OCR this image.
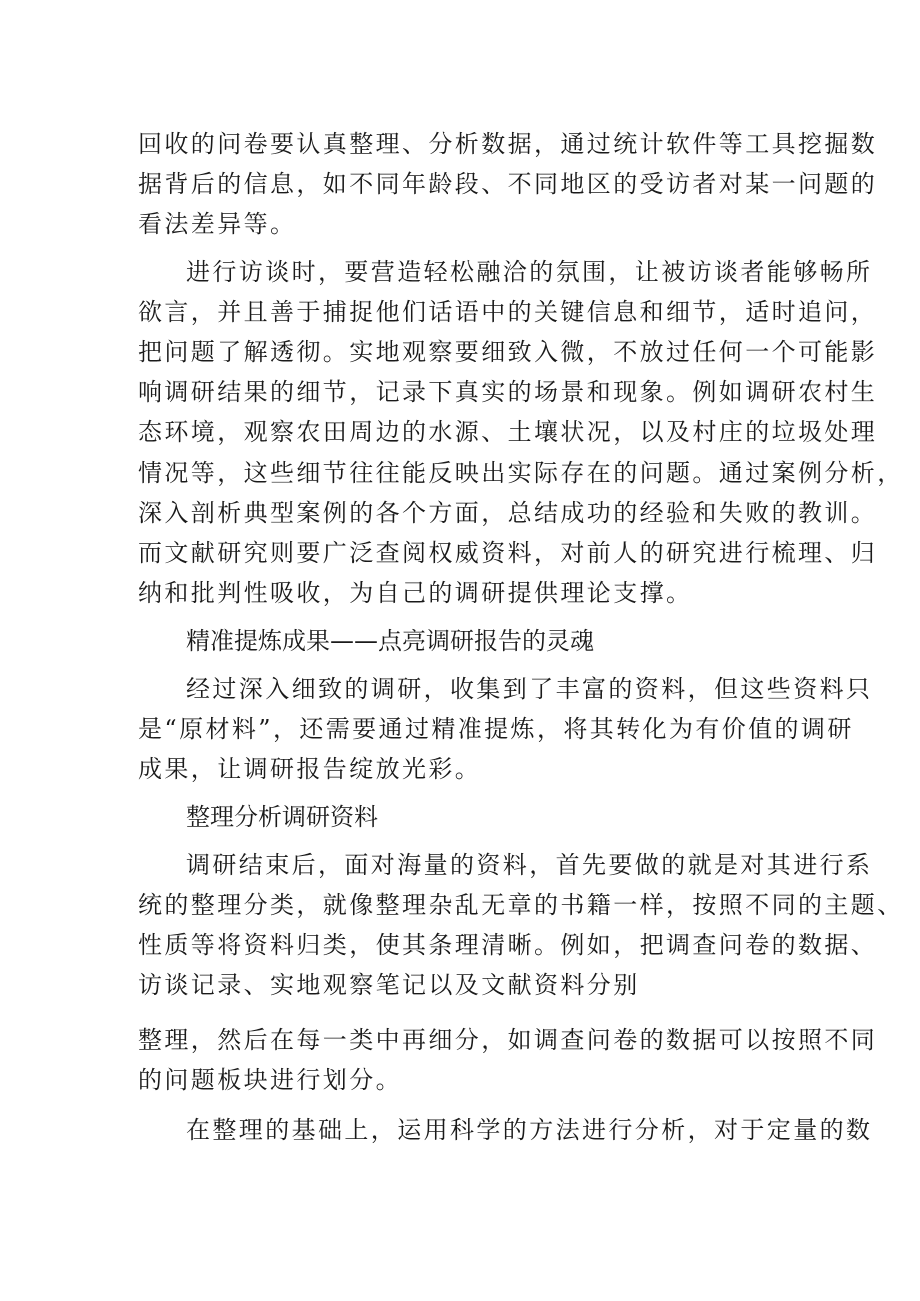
回收的问卷要认真整理、分析数据，通过统计软件等工具挖掘数
据背后的信息，如不同年龄段、不同地区的受访者对某一问题的
看法差异等。
进行访谈时，要营造轻松融洽的氛围，让被访谈者能够畅所
欲言，并且善于捕捉他们话语中的关键信息和细节，适时追问，
把问题了解透彻。实地观察要细致入微，不放过任何一个可能影
响调研结果的细节，记录下真实的场景和现象。例如调研农村生
态环境，观察农田周边的水源、土壤状况，以及村庄的垃圾处理
情况等，这些细节往往能反映出实际存在的问题。通过案例分析，
深入剖析典型案例的各个方面，总结成功的经验和失败的教训。
而文献研究则要广泛查阅权威资料，对前人的研究进行梳理、归
纳和批判性吸收，为自己的调研提供理论支撑。
精准提炼成果——点亮调研报告的灵魂
经过深入细致的调研，收集到了丰富的资料，但这些资料只
是“原材料”，还需要通过精准提炼，将其转化为有价值的调研
成果，让调研报告绽放光彩。
整理分析调研资料
调研结束后，面对海量的资料，首先要做的就是对其进行系
统的整理分类，就像整理杂乱无章的书籍一样，按照不同的主题、
性质等将资料归类，使其条理清晰。例如，把调查问卷的数据、
访谈记录、实地观察笔记以及文献资料分别
整理，然后在每一类中再细分，如调查问卷的数据可以按照不同
的问题板块进行划分。
在整理的基础上，运用科学的方法进行分析，对于定量的数
